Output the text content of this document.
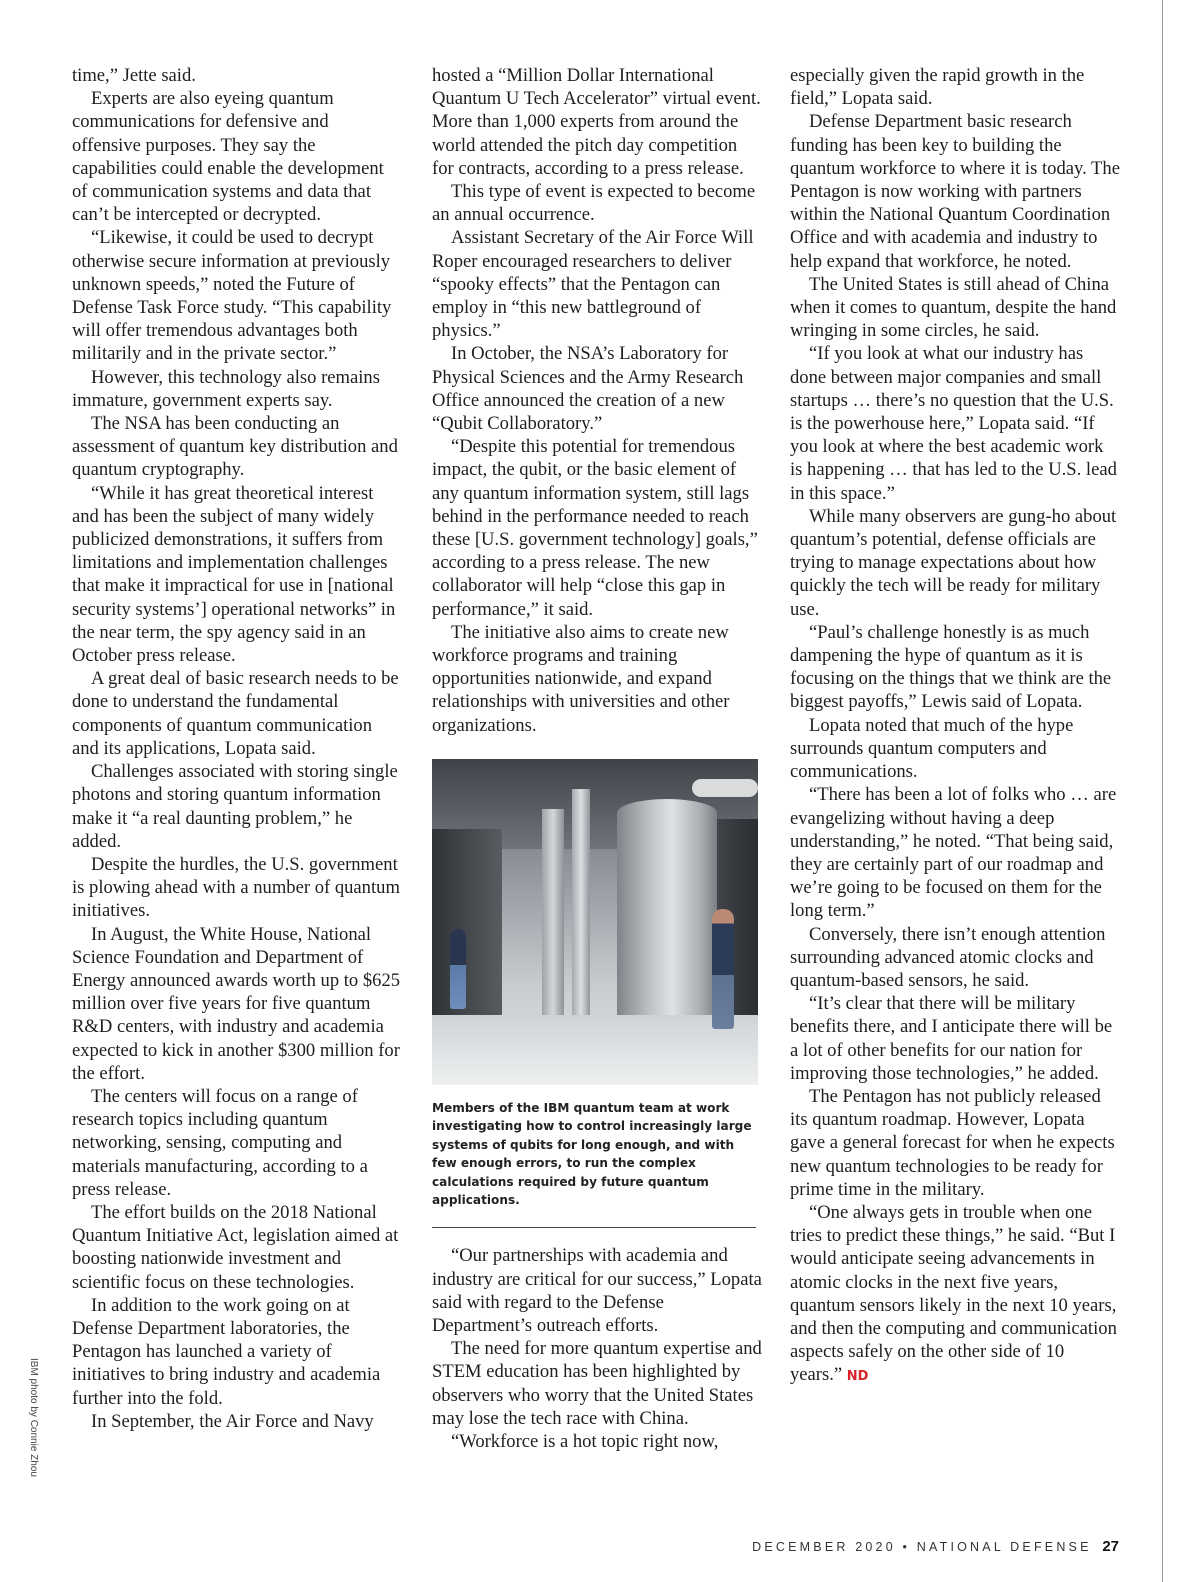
IBM photo by Connie Zhou

time,” Jette said.

Experts are also eyeing quantum communications for defensive and offensive purposes. They say the capabilities could enable the development of communication systems and data that can’t be intercepted or decrypted.

“Likewise, it could be used to decrypt otherwise secure information at previously unknown speeds,” noted the Future of Defense Task Force study. “This capability will offer tremendous advantages both militarily and in the private sector.”

However, this technology also remains immature, government experts say.

The NSA has been conducting an assessment of quantum key distribution and quantum cryptography.

“While it has great theoretical interest and has been the subject of many widely publicized demonstrations, it suffers from limitations and implementation challenges that make it impractical for use in [national security systems’] operational networks” in the near term, the spy agency said in an October press release.

A great deal of basic research needs to be done to understand the fundamental components of quantum communication and its applications, Lopata said.

Challenges associated with storing single photons and storing quantum information make it “a real daunting problem,” he added.

Despite the hurdles, the U.S. government is plowing ahead with a number of quantum initiatives.

In August, the White House, National Science Foundation and Department of Energy announced awards worth up to $625 million over five years for five quantum R&D centers, with industry and academia expected to kick in another $300 million for the effort.

The centers will focus on a range of research topics including quantum networking, sensing, computing and materials manufacturing, according to a press release.

The effort builds on the 2018 National Quantum Initiative Act, legislation aimed at boosting nationwide investment and scientific focus on these technologies.

In addition to the work going on at Defense Department laboratories, the Pentagon has launched a variety of initiatives to bring industry and academia further into the fold.

In September, the Air Force and Navy

hosted a “Million Dollar International Quantum U Tech Accelerator” virtual event. More than 1,000 experts from around the world attended the pitch day competition for contracts, according to a press release.

This type of event is expected to become an annual occurrence.

Assistant Secretary of the Air Force Will Roper encouraged researchers to deliver “spooky effects” that the Pentagon can employ in “this new battleground of physics.”

In October, the NSA’s Laboratory for Physical Sciences and the Army Research Office announced the creation of a new “Qubit Collaboratory.”

“Despite this potential for tremendous impact, the qubit, or the basic element of any quantum information system, still lags behind in the performance needed to reach these [U.S. government technology] goals,” according to a press release. The new collaborator will help “close this gap in performance,” it said.

The initiative also aims to create new workforce programs and training opportunities nationwide, and expand relationships with universities and other organizations.

Members of the IBM quantum team at work investigating how to control increasingly large systems of qubits for long enough, and with few enough errors, to run the complex calculations required by future quantum applications.

“Our partnerships with academia and industry are critical for our success,” Lopata said with regard to the Defense Department’s outreach efforts.

The need for more quantum expertise and STEM education has been highlighted by observers who worry that the United States may lose the tech race with China.

“Workforce is a hot topic right now,

especially given the rapid growth in the field,” Lopata said.

Defense Department basic research funding has been key to building the quantum workforce to where it is today. The Pentagon is now working with partners within the National Quantum Coordination Office and with academia and industry to help expand that workforce, he noted.

The United States is still ahead of China when it comes to quantum, despite the hand wringing in some circles, he said.

“If you look at what our industry has done between major companies and small startups … there’s no question that the U.S. is the powerhouse here,” Lopata said. “If you look at where the best academic work is happening … that has led to the U.S. lead in this space.”

While many observers are gung-ho about quantum’s potential, defense officials are trying to manage expectations about how quickly the tech will be ready for military use.

“Paul’s challenge honestly is as much dampening the hype of quantum as it is focusing on the things that we think are the biggest payoffs,” Lewis said of Lopata.

Lopata noted that much of the hype surrounds quantum computers and communications.

“There has been a lot of folks who … are evangelizing without having a deep understanding,” he noted. “That being said, they are certainly part of our roadmap and we’re going to be focused on them for the long term.”

Conversely, there isn’t enough attention surrounding advanced atomic clocks and quantum-based sensors, he said.

“It’s clear that there will be military benefits there, and I anticipate there will be a lot of other benefits for our nation for improving those technologies,” he added.

The Pentagon has not publicly released its quantum roadmap. However, Lopata gave a general forecast for when he expects new quantum technologies to be ready for prime time in the military.

“One always gets in trouble when one tries to predict these things,” he said. “But I would anticipate seeing advancements in atomic clocks in the next five years, quantum sensors likely in the next 10 years, and then the computing and communication aspects safely on the other side of 10 years.” ND

DECEMBER 2020 • NATIONAL DEFENSE 27
